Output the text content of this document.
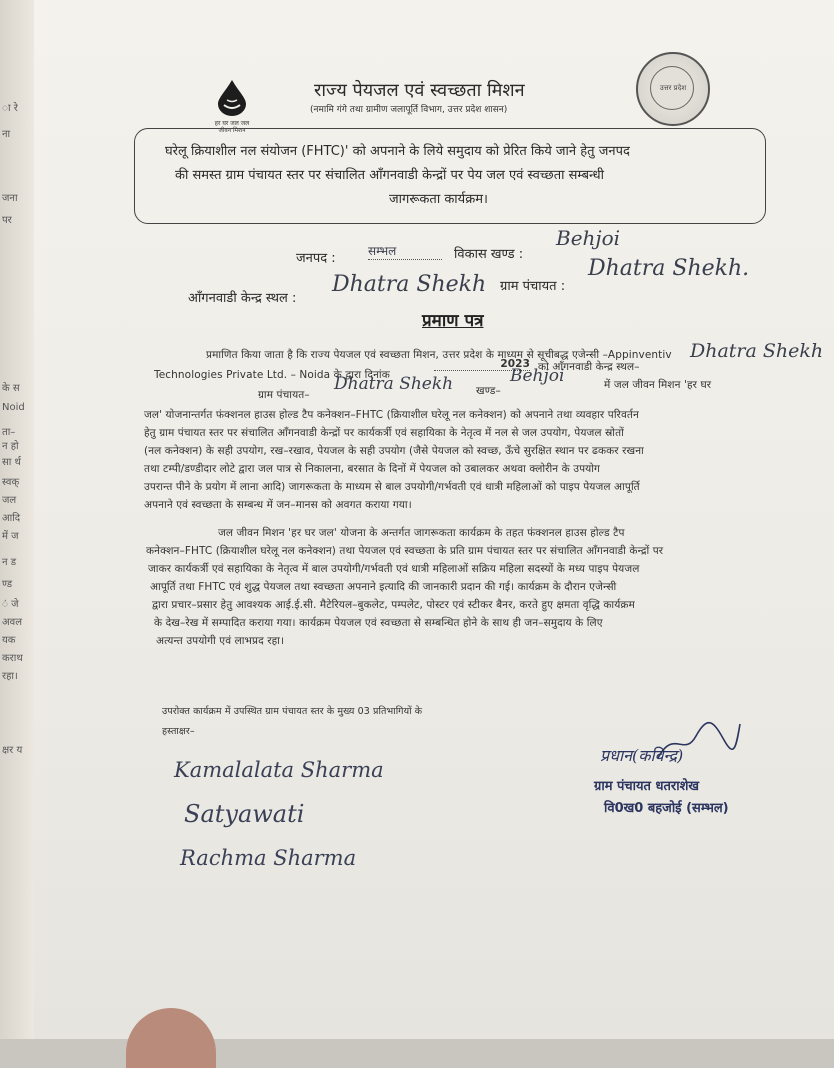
ा रे
ना
जना
पर
के स
Noid
ता–
न हो
सा र्थ
स्वक्
जल
आदि
में ज
न ड
ण्ड
ं जे
अवल
यक
कराथ
रहा।
क्षर य
हर घर जल जल जीवन मिशन
राज्य पेयजल एवं स्वच्छता मिशन
(नमामि गंगे तथा ग्रामीण जलापूर्ति विभाग, उत्तर प्रदेश शासन)
उत्तर प्रदेश
घरेलू क्रियाशील नल संयोजन (FHTC)' को अपनाने के लिये समुदाय को प्रेरित किये जाने हेतु जनपद
की समस्त ग्राम पंचायत स्तर पर संचालित आँगनवाडी केन्द्रों पर पेय जल एवं स्वच्छता सम्बन्धी
जागरूकता कार्यक्रम।
जनपद :	सम्भल	विकास खण्ड :
Behjoi
आँगनवाडी केन्द्र स्थल :
Dhatra Shekh ग्राम पंचायत :
Dhatra Shekh.
प्रमाण पत्र
प्रमाणित किया जाता है कि राज्य पेयजल एवं स्वच्छता मिशन, उत्तर प्रदेश के माध्यम से सूचीबद्ध एजेन्सी –Appinventiv
Technologies Private Ltd. – Noida के द्वारा दिनांक
2023 को आँगनवाडी केन्द्र स्थल–
Dhatra Shekh
ग्राम पंचायत–
Dhatra Shekh खण्ड–
Behjoi	में जल जीवन मिशन 'हर घर
जल' योजनान्तर्गत फंक्शनल हाउस होल्ड टैप कनेक्शन–FHTC (क्रियाशील घरेलू नल कनेक्शन) को अपनाने तथा व्यवहार परिवर्तन
हेतु ग्राम पंचायत स्तर पर संचालित आँगनवाडी केन्द्रों पर कार्यकर्त्री एवं सहायिका के नेतृत्व में नल से जल उपयोग, पेयजल स्रोतों
(नल कनेक्शन) के सही उपयोग, रख–रखाव, पेयजल के सही उपयोग (जैसे पेयजल को स्वच्छ, ऊँचे सुरक्षित स्थान पर ढककर रखना
तथा टम्पी/डण्डीदार लोटे द्वारा जल पात्र से निकालना, बरसात के दिनों में पेयजल को उबालकर अथवा क्लोरीन के उपयोग
उपरान्त पीने के प्रयोग में लाना आदि) जागरूकता के माध्यम से बाल उपयोगी/गर्भवती एवं धात्री महिलाओं को पाइप पेयजल आपूर्ति
अपनाने एवं स्वच्छता के सम्बन्ध में जन–मानस को अवगत कराया गया।
जल जीवन मिशन 'हर घर जल' योजना के अन्तर्गत जागरूकता कार्यक्रम के तहत फंक्शनल हाउस होल्ड टैप
कनेक्शन–FHTC (क्रियाशील घरेलू नल कनेक्शन) तथा पेयजल एवं स्वच्छता के प्रति ग्राम पंचायत स्तर पर संचालित आँगनवाडी केन्द्रों पर
जाकर कार्यकर्त्री एवं सहायिका के नेतृत्व में बाल उपयोगी/गर्भवती एवं धात्री महिलाओं सक्रिय महिला सदस्यों के मध्य पाइप पेयजल
आपूर्ति तथा FHTC एवं शुद्ध पेयजल तथा स्वच्छता अपनाने इत्यादि की जानकारी प्रदान की गई। कार्यक्रम के दौरान एजेन्सी
द्वारा प्रचार–प्रसार हेतु आवश्यक आई.ई.सी. मैटेरियल–बुकलेट, पम्पलेट, पोस्टर एवं स्टीकर बैनर, करते हुए क्षमता वृद्धि कार्यक्रम
के देख–रेख में सम्पादित कराया गया। कार्यक्रम पेयजल एवं स्वच्छता से सम्बन्धित होने के साथ ही जन–समुदाय के लिए
अत्यन्त उपयोगी एवं लाभप्रद रहा।
उपरोक्त कार्यक्रम में उपस्थित ग्राम पंचायत स्तर के मुख्य 03 प्रतिभागियों के
हस्ताक्षर–
Kamalalata Sharma
Satyawati
Rachma Sharma
प्रधान(कविन्द्र)
ग्राम पंचायत धतराशेख
वि0ख0 बहजोई (सम्भल)
